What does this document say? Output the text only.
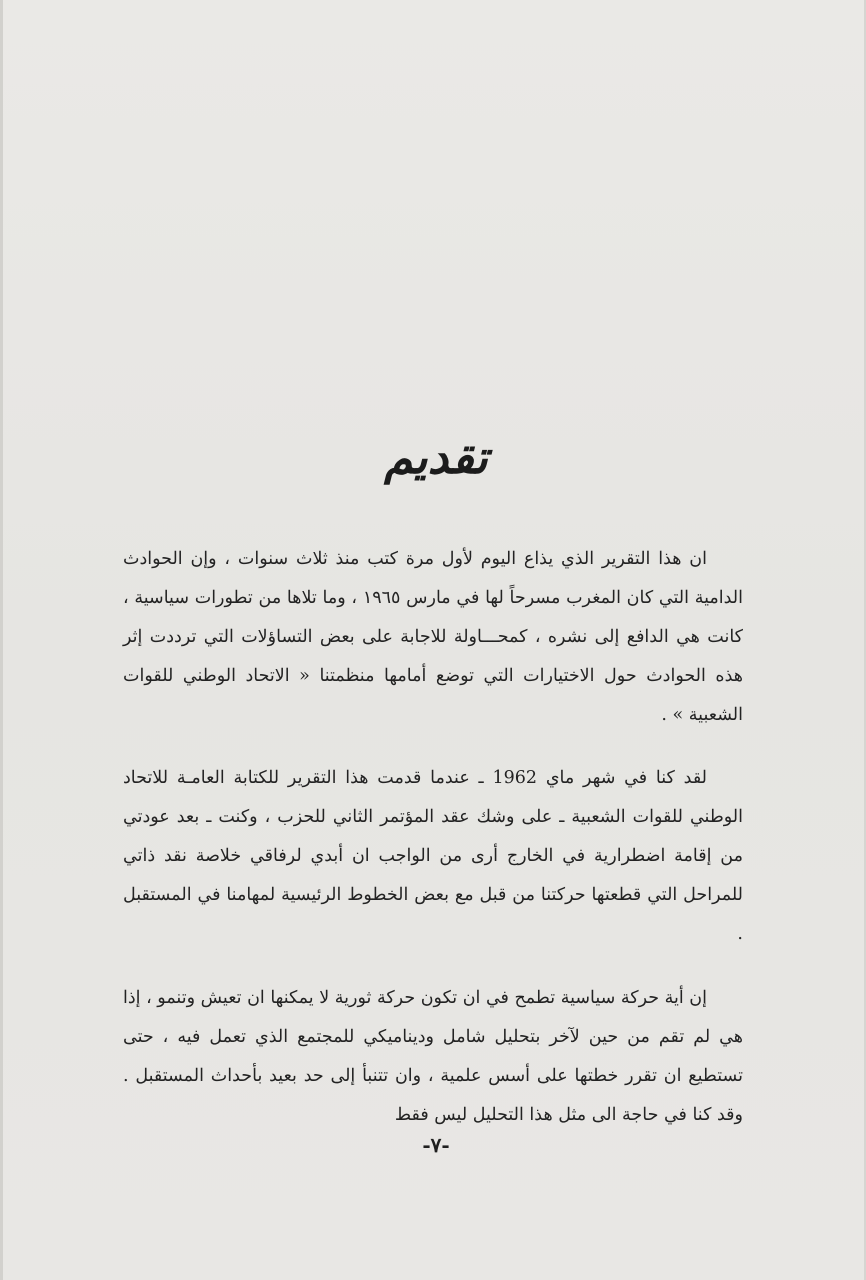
تقديم

ان هذا التقرير الذي يذاع اليوم لأول مرة كتب منذ ثلاث سنوات ، وإن الحوادث الدامية التي كان المغرب مسرحاً لها في مارس ١٩٦٥ ، وما تلاها من تطورات سياسية ، كانت هي الدافع إلى نشره ، كمحـــاولة للاجابة على بعض التساؤلات التي ترددت إثر هذه الحوادث حول الاختيارات التي توضع أمامها منظمتنا « الاتحاد الوطني للقوات الشعبية » .

لقد كنا في شهر ماي 1962 ـ عندما قدمت هذا التقرير للكتابة العامـة للاتحاد الوطني للقوات الشعبية ـ على وشك عقد المؤتمر الثاني للحزب ، وكنت ـ بعد عودتي من إقامة اضطرارية في الخارج أرى من الواجب ان أبدي لرفاقي خلاصة نقد ذاتي للمراحل التي قطعتها حركتنا من قبل مع بعض الخطوط الرئيسية لمهامنا في المستقبل .

إن أية حركة سياسية تطمح في ان تكون حركة ثورية لا يمكنها ان تعيش وتنمو ، إذا هي لم تقم من حين لآخر بتحليل شامل وديناميكي للمجتمع الذي تعمل فيه ، حتى تستطيع ان تقرر خطتها على أسس علمية ، وان تتنبأ إلى حد بعيد بأحداث المستقبل . وقد كنا في حاجة الى مثل هذا التحليل ليس فقط

-٧-
